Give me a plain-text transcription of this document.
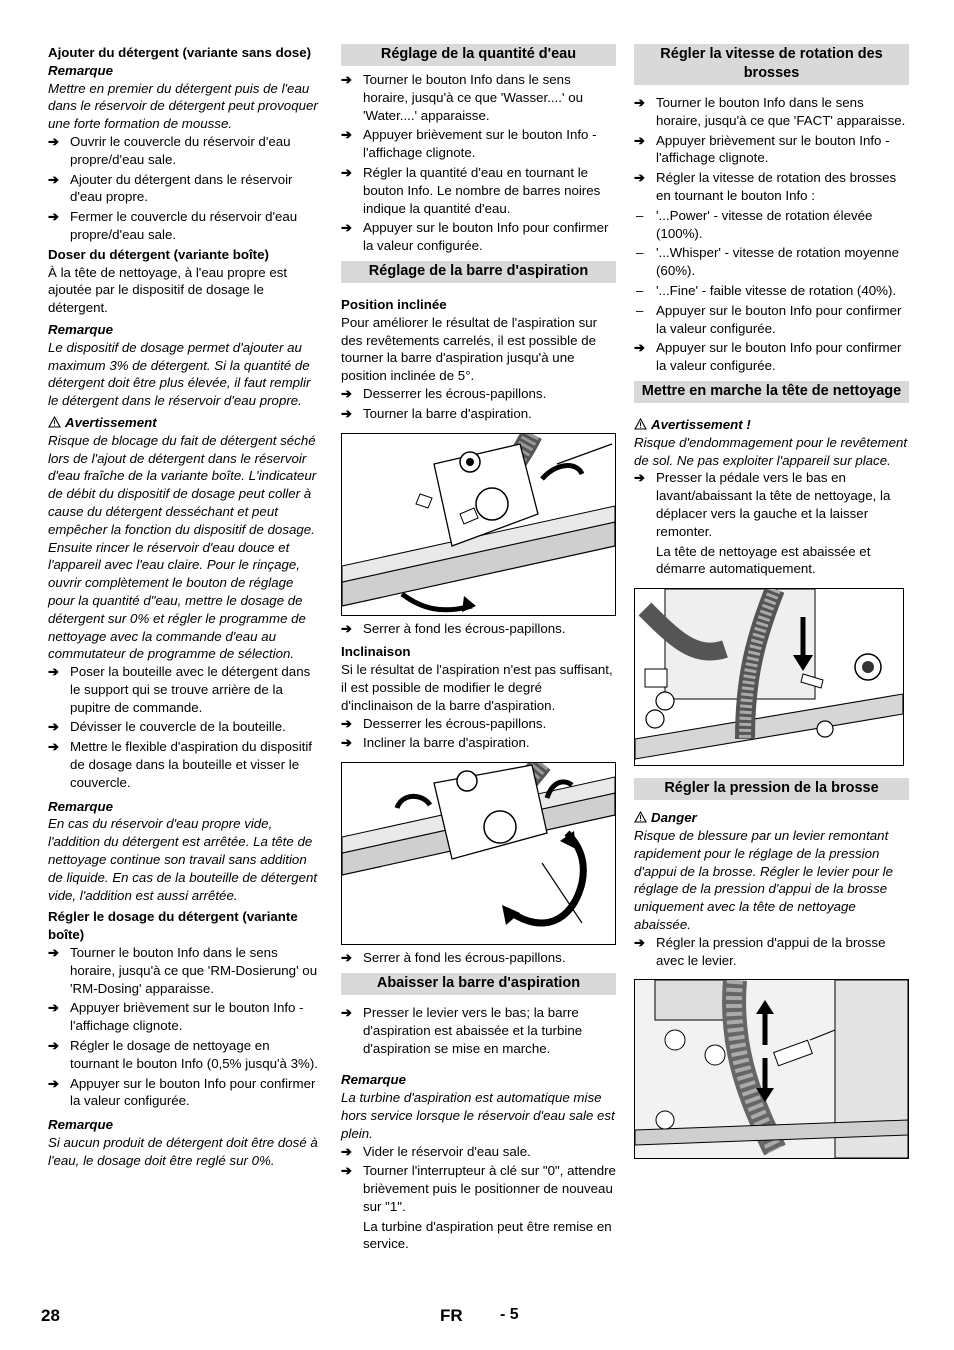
Ajouter du détergent (variante sans dose)

Remarque

Mettre en premier du détergent puis de l'eau dans le réservoir de détergent peut provoquer une forte formation de mousse.

➔ Ouvrir le couvercle du réservoir d'eau propre/d'eau sale.
➔ Ajouter du détergent dans le réservoir d'eau propre.
➔ Fermer le couvercle du réservoir d'eau propre/d'eau sale.

Doser du détergent (variante boîte)

À la tête de nettoyage, à l'eau propre est ajoutée par le dispositif de dosage le détergent.

Remarque

Le dispositif de dosage permet d'ajouter au maximum 3% de détergent. Si la quantité de détergent doit être plus élevée, il faut remplir le détergent dans le réservoir d'eau propre.

Avertissement

Risque de blocage du fait de détergent séché lors de l'ajout de détergent dans le réservoir d'eau fraîche de la variante boîte. L'indicateur de débit du dispositif de dosage peut coller à cause du détergent desséchant et peut empêcher la fonction du dispositif de dosage. Ensuite rincer le réservoir d'eau douce et l'appareil avec l'eau claire. Pour le rinçage, ouvrir complètement le bouton de réglage pour la quantité d"eau, mettre le dosage de détergent sur 0% et régler le programme de nettoyage avec la commande d'eau au commutateur de programme de sélection.

➔ Poser la bouteille avec le détergent dans le support qui se trouve arrière de la pupitre de commande.
➔ Dévisser le couvercle de la bouteille.
➔ Mettre le flexible d'aspiration du dispositif de dosage dans la bouteille et visser le couvercle.

Remarque

En cas du réservoir d'eau propre vide, l'addition du détergent est arrêtée. La tête de nettoyage continue son travail sans addition de liquide. En cas de la bouteille de détergent vide, l'addition est aussi arrêtée.

Régler le dosage du détergent (variante boîte)

➔ Tourner le bouton Info dans le sens horaire, jusqu'à ce que 'RM-Dosierung' ou 'RM-Dosing' apparaisse.
➔ Appuyer brièvement sur le bouton Info - l'affichage clignote.
➔ Régler le dosage de nettoyage en tournant le bouton Info (0,5% jusqu'à 3%).
➔ Appuyer sur le bouton Info pour confirmer la valeur configurée.

Remarque

Si aucun produit de détergent doit être dosé à l'eau, le dosage doit être reglé sur 0%.

Réglage de la quantité d'eau
➔ Tourner le bouton Info dans le sens horaire, jusqu'à ce que 'Wasser....' ou 'Water....' apparaisse.
➔ Appuyer brièvement sur le bouton Info - l'affichage clignote.
➔ Régler la quantité d'eau en tournant le bouton Info. Le nombre de barres noires indique la quantité d'eau.
➔ Appuyer sur le bouton Info pour confirmer la valeur configurée.
Réglage de la barre d'aspiration

Position inclinée

Pour améliorer le résultat de l'aspiration sur des revêtements carrelés, il est possible de tourner la barre d'aspiration jusqu'à une position inclinée de 5°.

➔ Desserrer les écrous-papillons.
➔ Tourner la barre d'aspiration.
➔ Serrer à fond les écrous-papillons.

Inclinaison

Si le résultat de l'aspiration n'est pas suffisant, il est possible de modifier le degré d'inclinaison de la barre d'aspiration.

➔ Desserrer les écrous-papillons.
➔ Incliner la barre d'aspiration.
➔ Serrer à fond les écrous-papillons.
Abaisser la barre d'aspiration
➔ Presser le levier vers le bas; la barre d'aspiration est abaissée et la turbine d'aspiration se mise en marche.

Remarque

La turbine d'aspiration est automatique mise hors service lorsque le réservoir d'eau sale est plein.

➔ Vider le réservoir d'eau sale.
➔ Tourner l'interrupteur à clé sur "0", attendre brièvement puis le positionner de nouveau sur "1".

La turbine d'aspiration peut être remise en service.

Régler la vitesse de rotation des brosses
➔ Tourner le bouton Info dans le sens horaire, jusqu'à ce que 'FACT' apparaisse.
➔ Appuyer brièvement sur le bouton Info - l'affichage clignote.
➔ Régler la vitesse de rotation des brosses en tournant le bouton Info :
– '...Power' - vitesse de rotation élevée (100%).
– '...Whisper' - vitesse de rotation moyenne (60%).
– '...Fine' - faible vitesse de rotation (40%).
– Appuyer sur le bouton Info pour confirmer la valeur configurée.
➔ Appuyer sur le bouton Info pour confirmer la valeur configurée.
Mettre en marche la tête de nettoyage

Avertissement !

Risque d'endommagement pour le revêtement de sol. Ne pas exploiter l'appareil sur place.

➔ Presser la pédale vers le bas en lavant/abaissant la tête de nettoyage, la déplacer vers la gauche et la laisser remonter.

La tête de nettoyage est abaissée et démarre automatiquement.

Régler la pression de la brosse

Danger

Risque de blessure par un levier remontant rapidement pour le réglage de la pression d'appui de la brosse. Régler le levier pour le réglage de la pression d'appui de la brosse uniquement avec la tête de nettoyage abaissée.

➔ Régler la pression d'appui de la brosse avec le levier.
28	FR - 5
